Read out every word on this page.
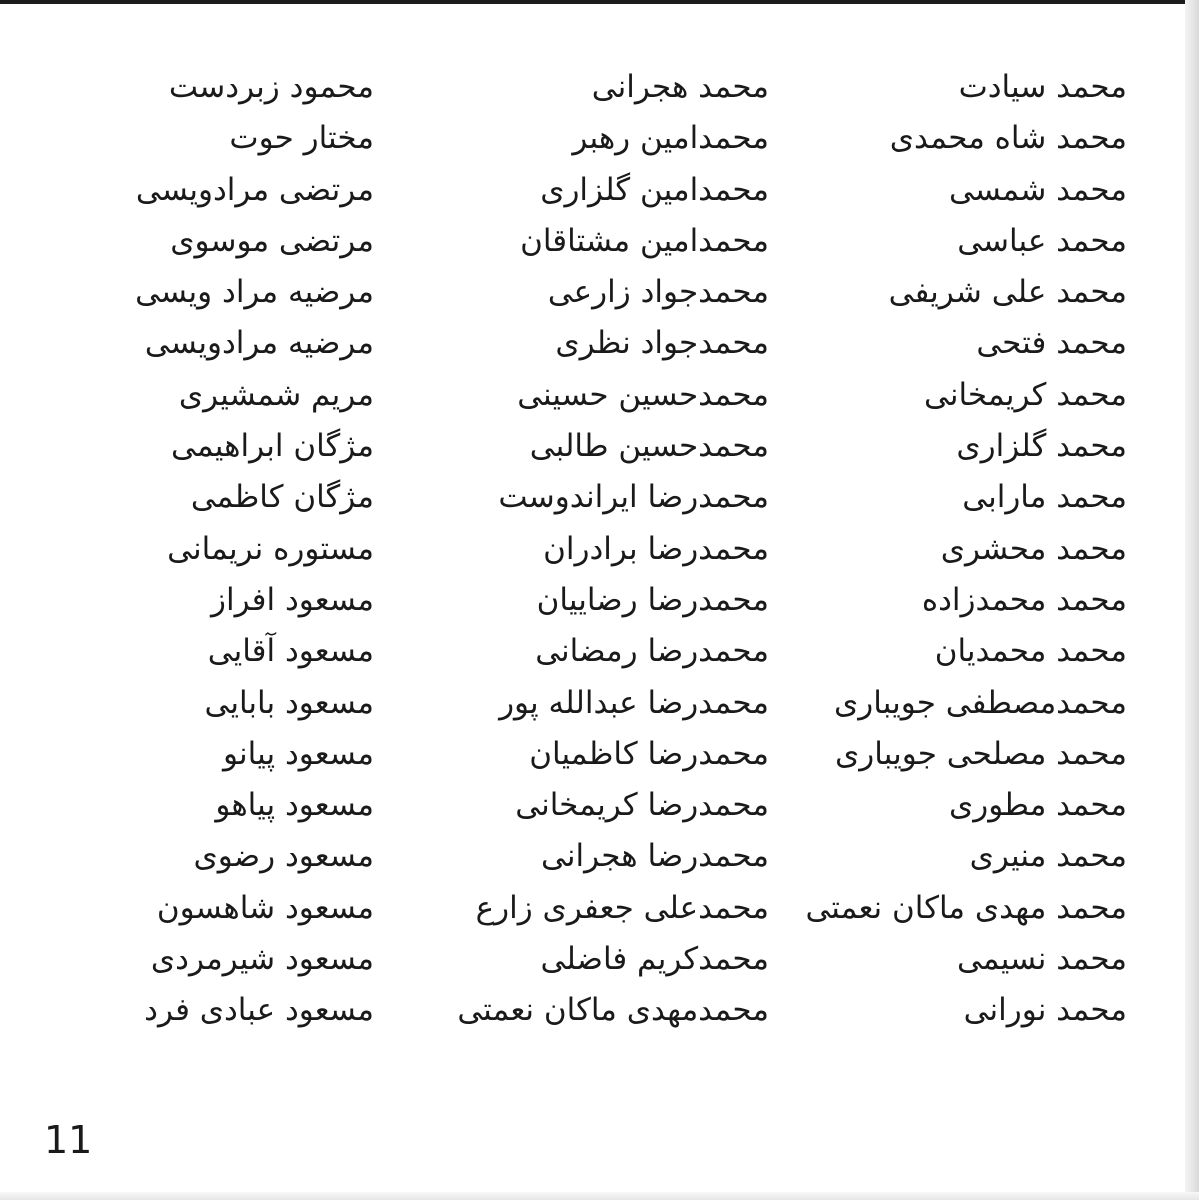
محمد سیادت
محمد شاه محمدی
محمد شمسی
محمد عباسی
محمد علی شریفی
محمد فتحی
محمد کریمخانی
محمد گلزاری
محمد مارابی
محمد محشری
محمد محمدزاده
محمد محمدیان
محمدمصطفی جویباری
محمد مصلحی جویباری
محمد مطوری
محمد منیری
محمد مهدی ماکان نعمتی
محمد نسیمی
محمد نورانی
محمد هجرانی
محمدامین رهبر
محمدامین گلزاری
محمدامین مشتاقان
محمدجواد زارعی
محمدجواد نظری
محمدحسین حسینی
محمدحسین طالبی
محمدرضا ایراندوست
محمدرضا برادران
محمدرضا رضاییان
محمدرضا رمضانی
محمدرضا عبدالله پور
محمدرضا کاظمیان
محمدرضا کریمخانی
محمدرضا هجرانی
محمدعلی جعفری زارع
محمدکریم فاضلی
محمدمهدی ماکان نعمتی
محمود زبردست
مختار حوت
مرتضی مرادویسی
مرتضی موسوی
مرضیه مراد ویسی
مرضیه مرادویسی
مریم شمشیری
مژگان ابراهیمی
مژگان کاظمی
مستوره نریمانی
مسعود افراز
مسعود آقایی
مسعود بابایی
مسعود پیانو
مسعود پیاهو
مسعود رضوی
مسعود شاهسون
مسعود شیرمردی
مسعود عبادی فرد
11
